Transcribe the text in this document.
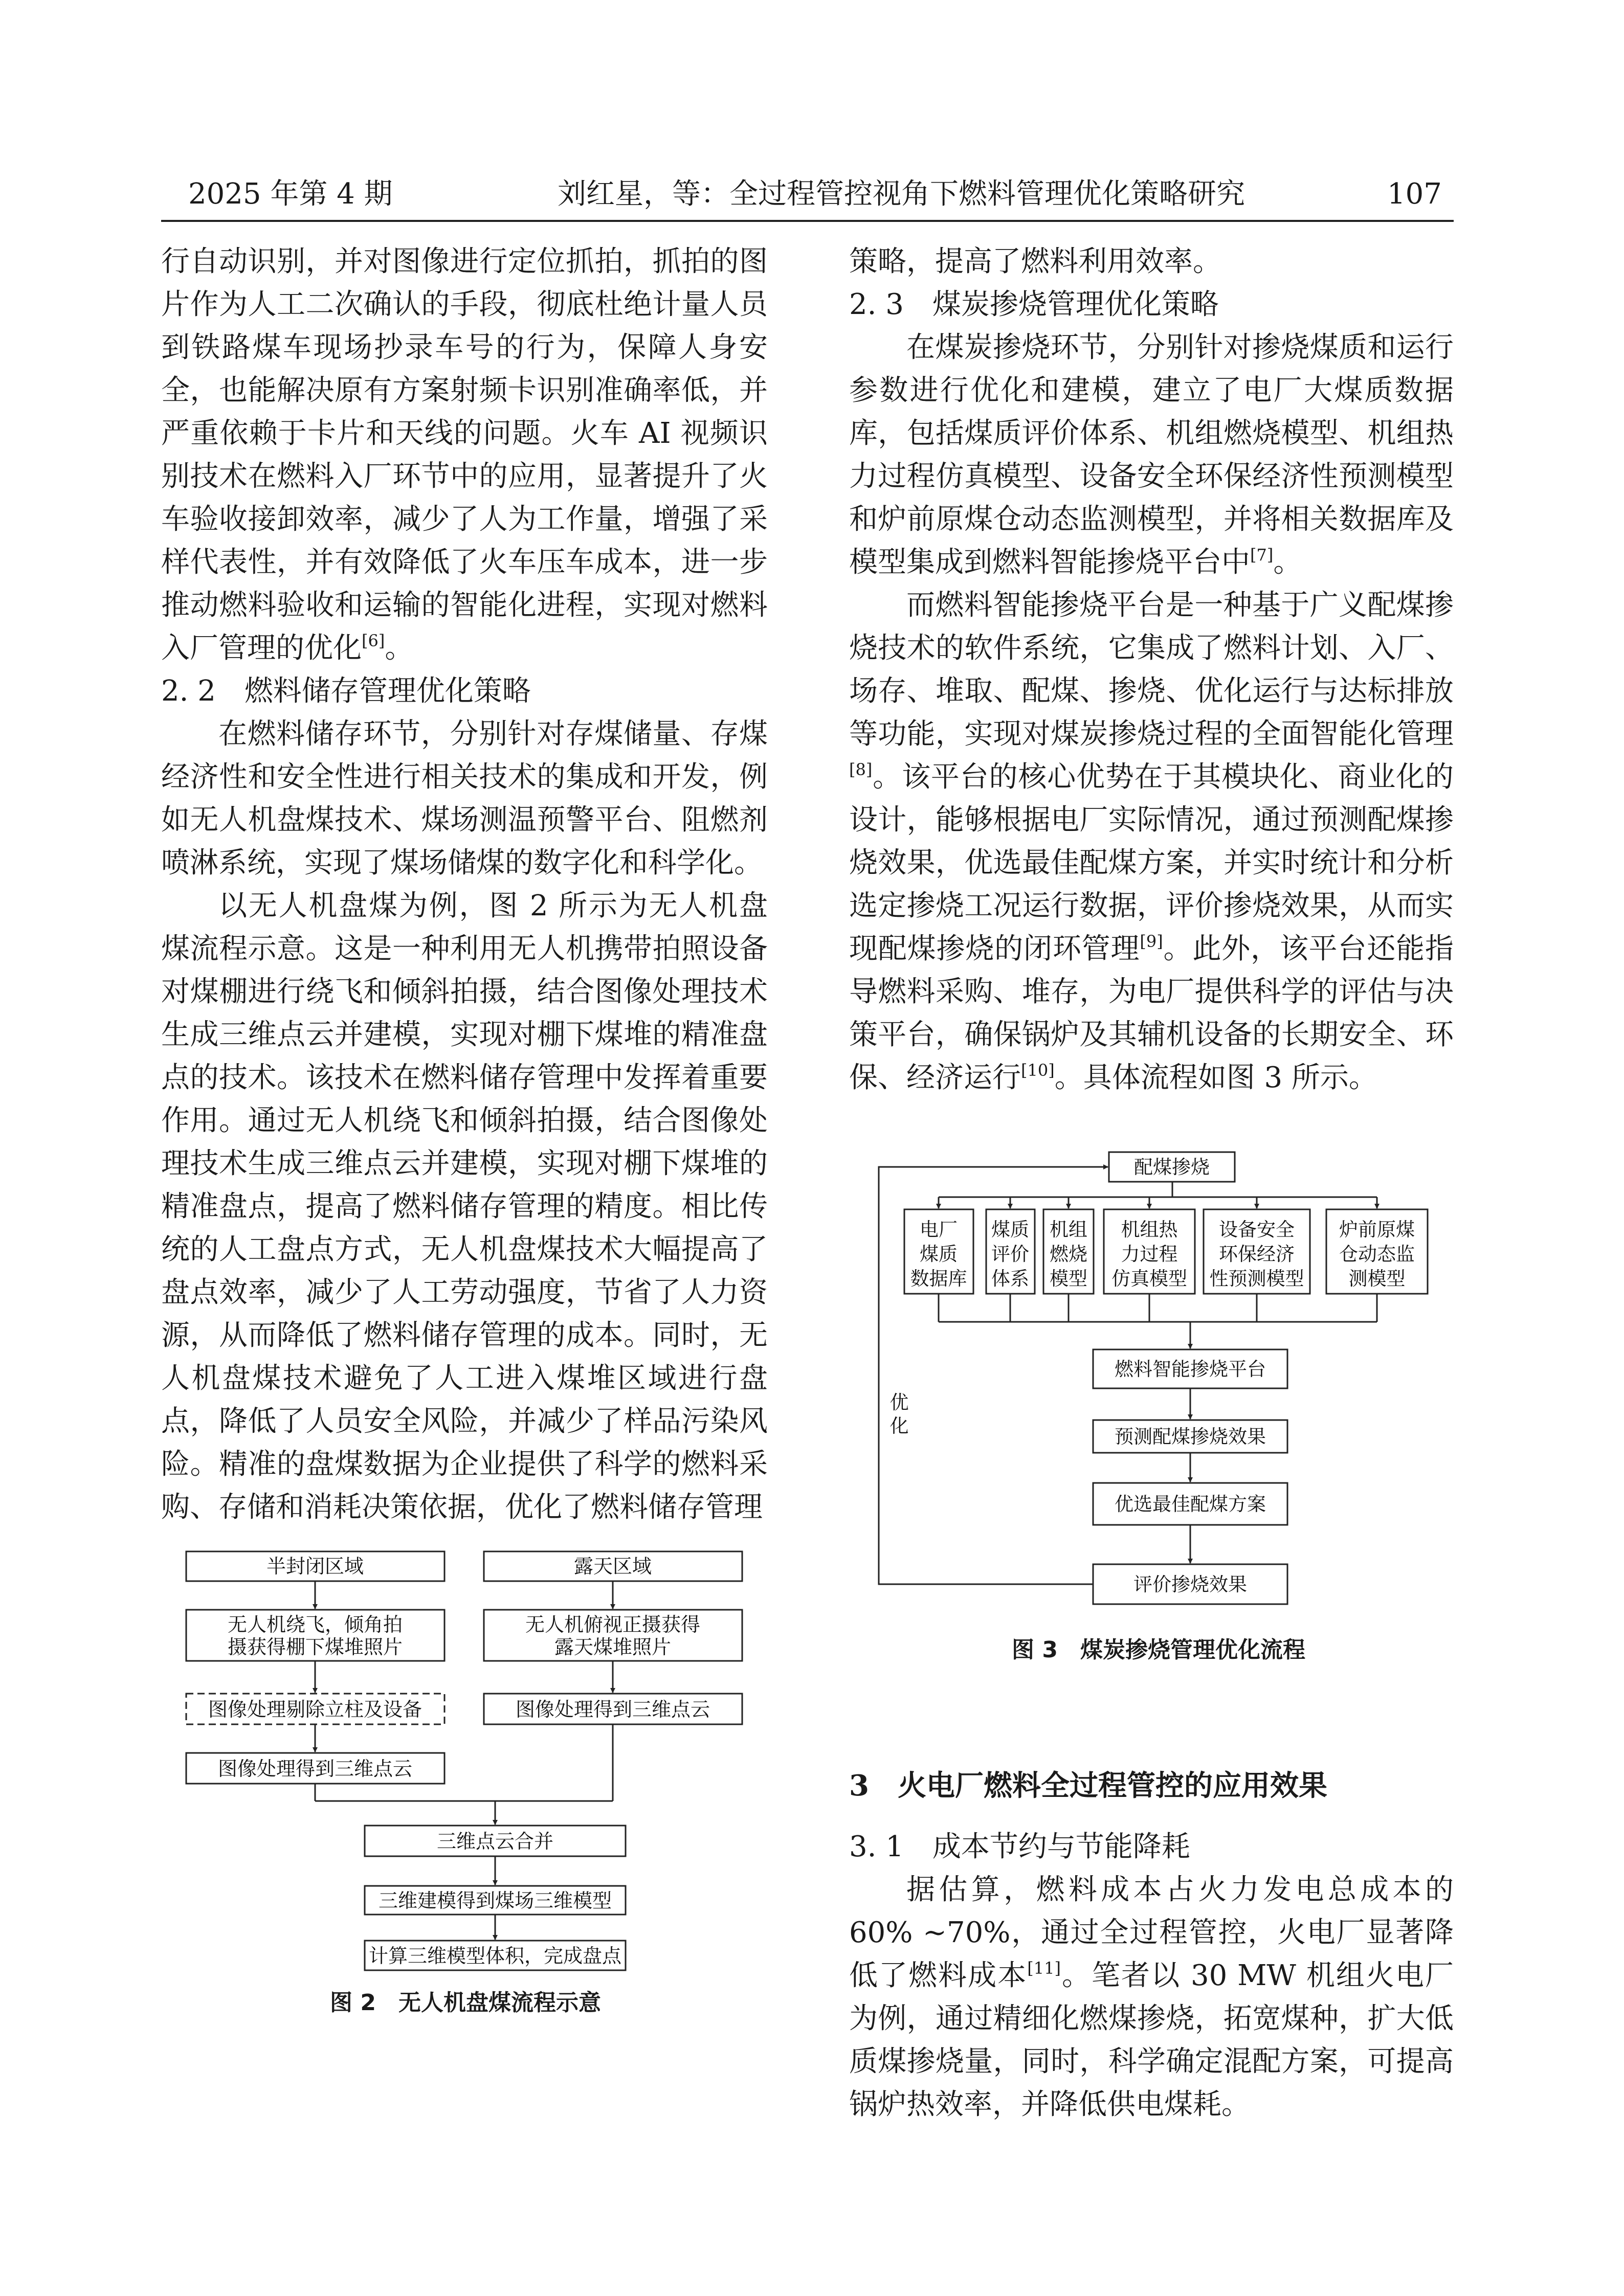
2025 年第 4 期	刘红星，等：全过程管控视角下燃料管理优化策略研究	107

行自动识别，并对图像进行定位抓拍，抓拍的图片作为人工二次确认的手段，彻底杜绝计量人员到铁路煤车现场抄录车号的行为，保障人身安全，也能解决原有方案射频卡识别准确率低，并严重依赖于卡片和天线的问题。火车 AI 视频识别技术在燃料入厂环节中的应用，显著提升了火车验收接卸效率，减少了人为工作量，增强了采样代表性，并有效降低了火车压车成本，进一步推动燃料验收和运输的智能化进程，实现对燃料入厂管理的优化[6]。

2. 2　燃料储存管理优化策略

在燃料储存环节，分别针对存煤储量、存煤经济性和安全性进行相关技术的集成和开发，例如无人机盘煤技术、煤场测温预警平台、阻燃剂喷淋系统，实现了煤场储煤的数字化和科学化。

以无人机盘煤为例，图 2 所示为无人机盘煤流程示意。这是一种利用无人机携带拍照设备对煤棚进行绕飞和倾斜拍摄，结合图像处理技术生成三维点云并建模，实现对棚下煤堆的精准盘点的技术。该技术在燃料储存管理中发挥着重要作用。通过无人机绕飞和倾斜拍摄，结合图像处理技术生成三维点云并建模，实现对棚下煤堆的精准盘点，提高了燃料储存管理的精度。相比传统的人工盘点方式，无人机盘煤技术大幅提高了盘点效率，减少了人工劳动强度，节省了人力资源，从而降低了燃料储存管理的成本。同时，无人机盘煤技术避免了人工进入煤堆区域进行盘点，降低了人员安全风险，并减少了样品污染风险。精准的盘煤数据为企业提供了科学的燃料采购、存储和消耗决策依据，优化了燃料储存管理

半封闭区域	露天区域
无人机绕飞，倾角拍
摄获得棚下煤堆照片
无人机俯视正摄获得
露天煤堆照片
图像处理剔除立柱及设备	图像处理得到三维点云
图像处理得到三维点云
三维点云合并
三维建模得到煤场三维模型
计算三维模型体积，完成盘点
图 2　无人机盘煤流程示意

策略，提高了燃料利用效率。

2. 3　煤炭掺烧管理优化策略

在煤炭掺烧环节，分别针对掺烧煤质和运行参数进行优化和建模，建立了电厂大煤质数据库，包括煤质评价体系、机组燃烧模型、机组热力过程仿真模型、设备安全环保经济性预测模型和炉前原煤仓动态监测模型，并将相关数据库及模型集成到燃料智能掺烧平台中[7]。

而燃料智能掺烧平台是一种基于广义配煤掺烧技术的软件系统，它集成了燃料计划、入厂、场存、堆取、配煤、掺烧、优化运行与达标排放等功能，实现对煤炭掺烧过程的全面智能化管理[8]。该平台的核心优势在于其模块化、商业化的设计，能够根据电厂实际情况，通过预测配煤掺烧效果，优选最佳配煤方案，并实时统计和分析选定掺烧工况运行数据，评价掺烧效果，从而实现配煤掺烧的闭环管理[9]。此外，该平台还能指导燃料采购、堆存，为电厂提供科学的评估与决策平台，确保锅炉及其辅机设备的长期安全、环保、经济运行[10]。具体流程如图 3 所示。

3　火电厂燃料全过程管控的应用效果
3. 1　成本节约与节能降耗

据估算，燃料成本占火力发电总成本的 60% ~70%，通过全过程管控，火电厂显著降低了燃料成本[11]。笔者以 30 MW 机组火电厂为例，通过精细化燃煤掺烧，拓宽煤种，扩大低质煤掺烧量，同时，科学确定混配方案，可提高锅炉热效率，并降低供电煤耗。

配煤掺烧
电厂
煤质
数据库
煤质
评价
体系
机组
燃烧
模型
机组热
力过程
仿真模型
设备安全
环保经济
性预测模型
炉前原煤
仓动态监
测模型
燃料智能掺烧平台
预测配煤掺烧效果
优选最佳配煤方案
评价掺烧效果
优
化
图 3　煤炭掺烧管理优化流程
